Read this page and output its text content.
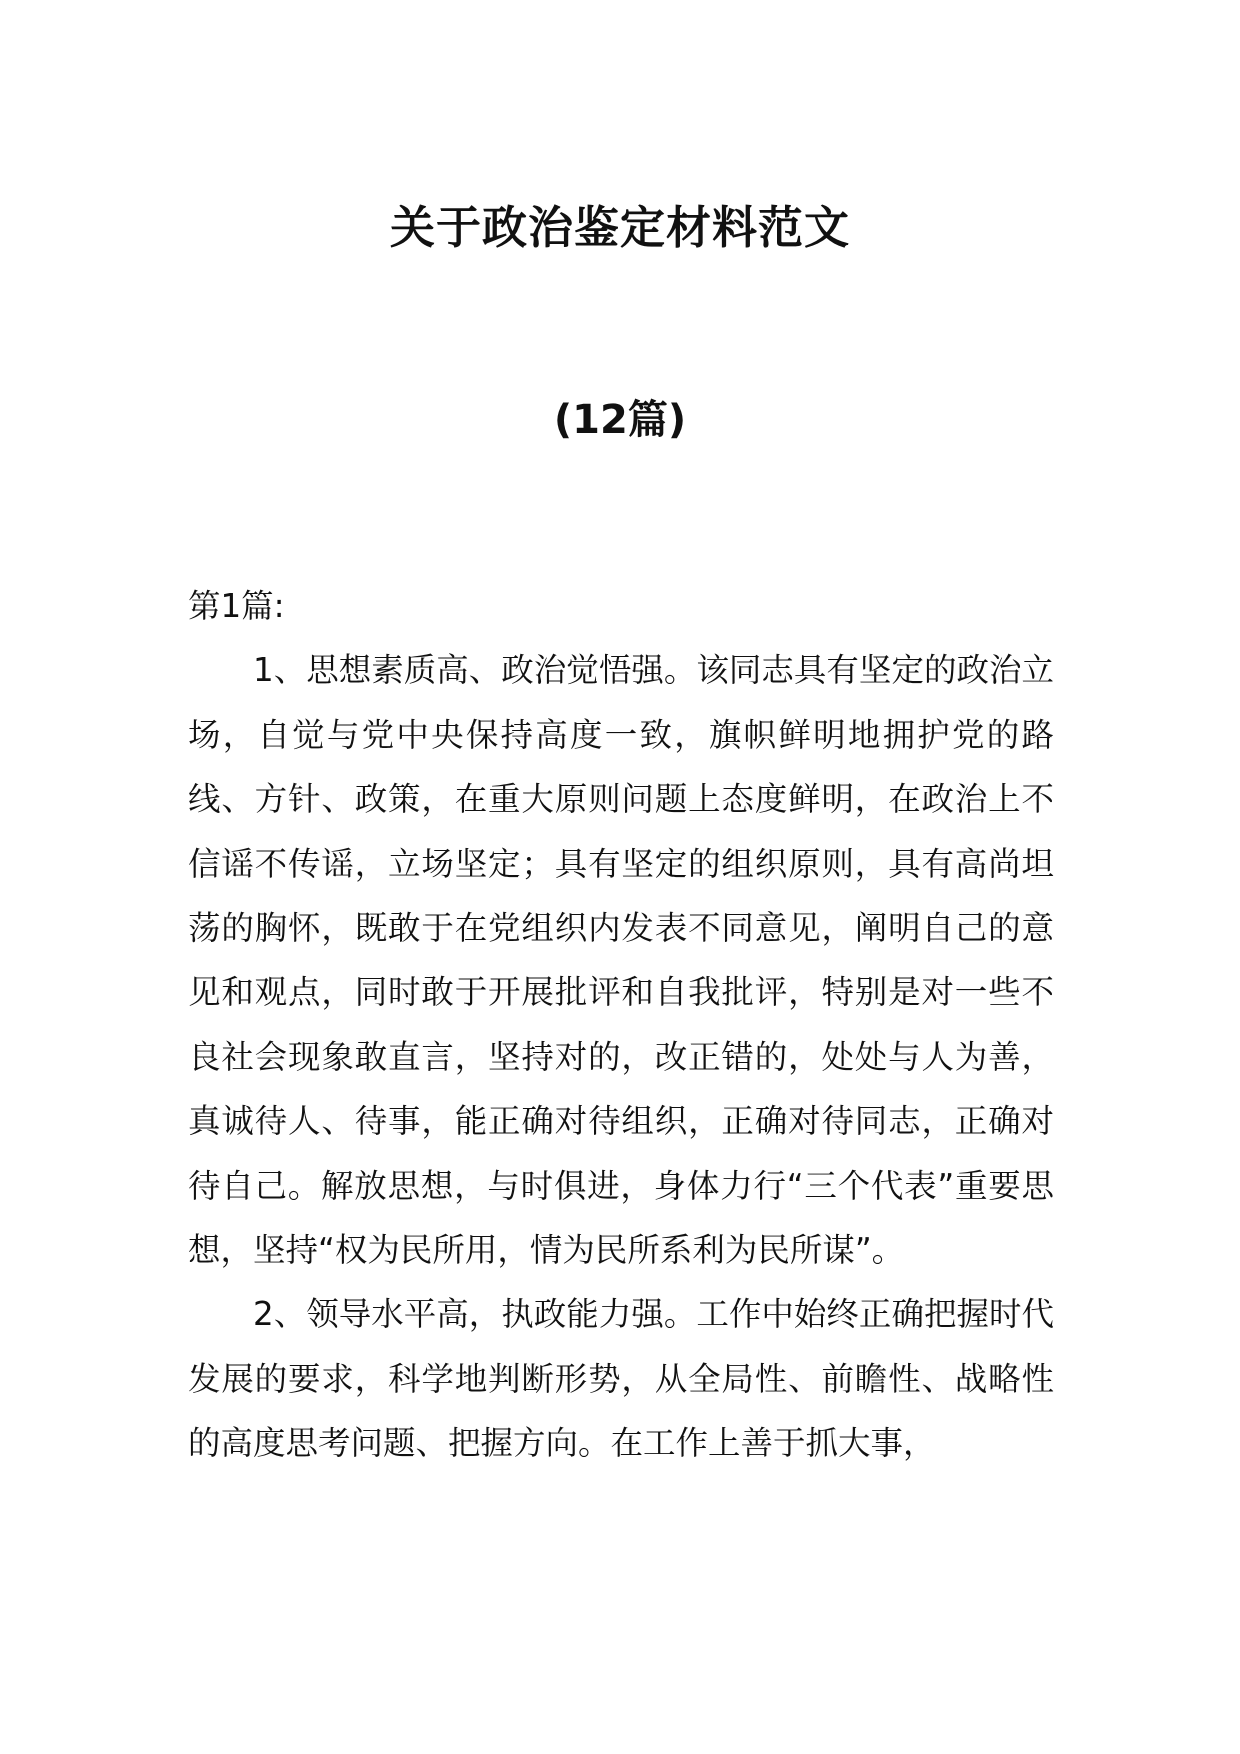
关于政治鉴定材料范文
(12篇)

第1篇:

1、思想素质高、政治觉悟强。该同志具有坚定的政治立场，自觉与党中央保持高度一致，旗帜鲜明地拥护党的路线、方针、政策，在重大原则问题上态度鲜明，在政治上不信谣不传谣，立场坚定；具有坚定的组织原则，具有高尚坦荡的胸怀，既敢于在党组织内发表不同意见，阐明自己的意见和观点，同时敢于开展批评和自我批评，特别是对一些不良社会现象敢直言，坚持对的，改正错的，处处与人为善，真诚待人、待事，能正确对待组织，正确对待同志，正确对待自己。解放思想，与时俱进，身体力行“三个代表”重要思想，坚持“权为民所用，情为民所系利为民所谋”。

2、领导水平高，执政能力强。工作中始终正确把握时代发展的要求，科学地判断形势，从全局性、前瞻性、战略性的高度思考问题、把握方向。在工作上善于抓大事，
